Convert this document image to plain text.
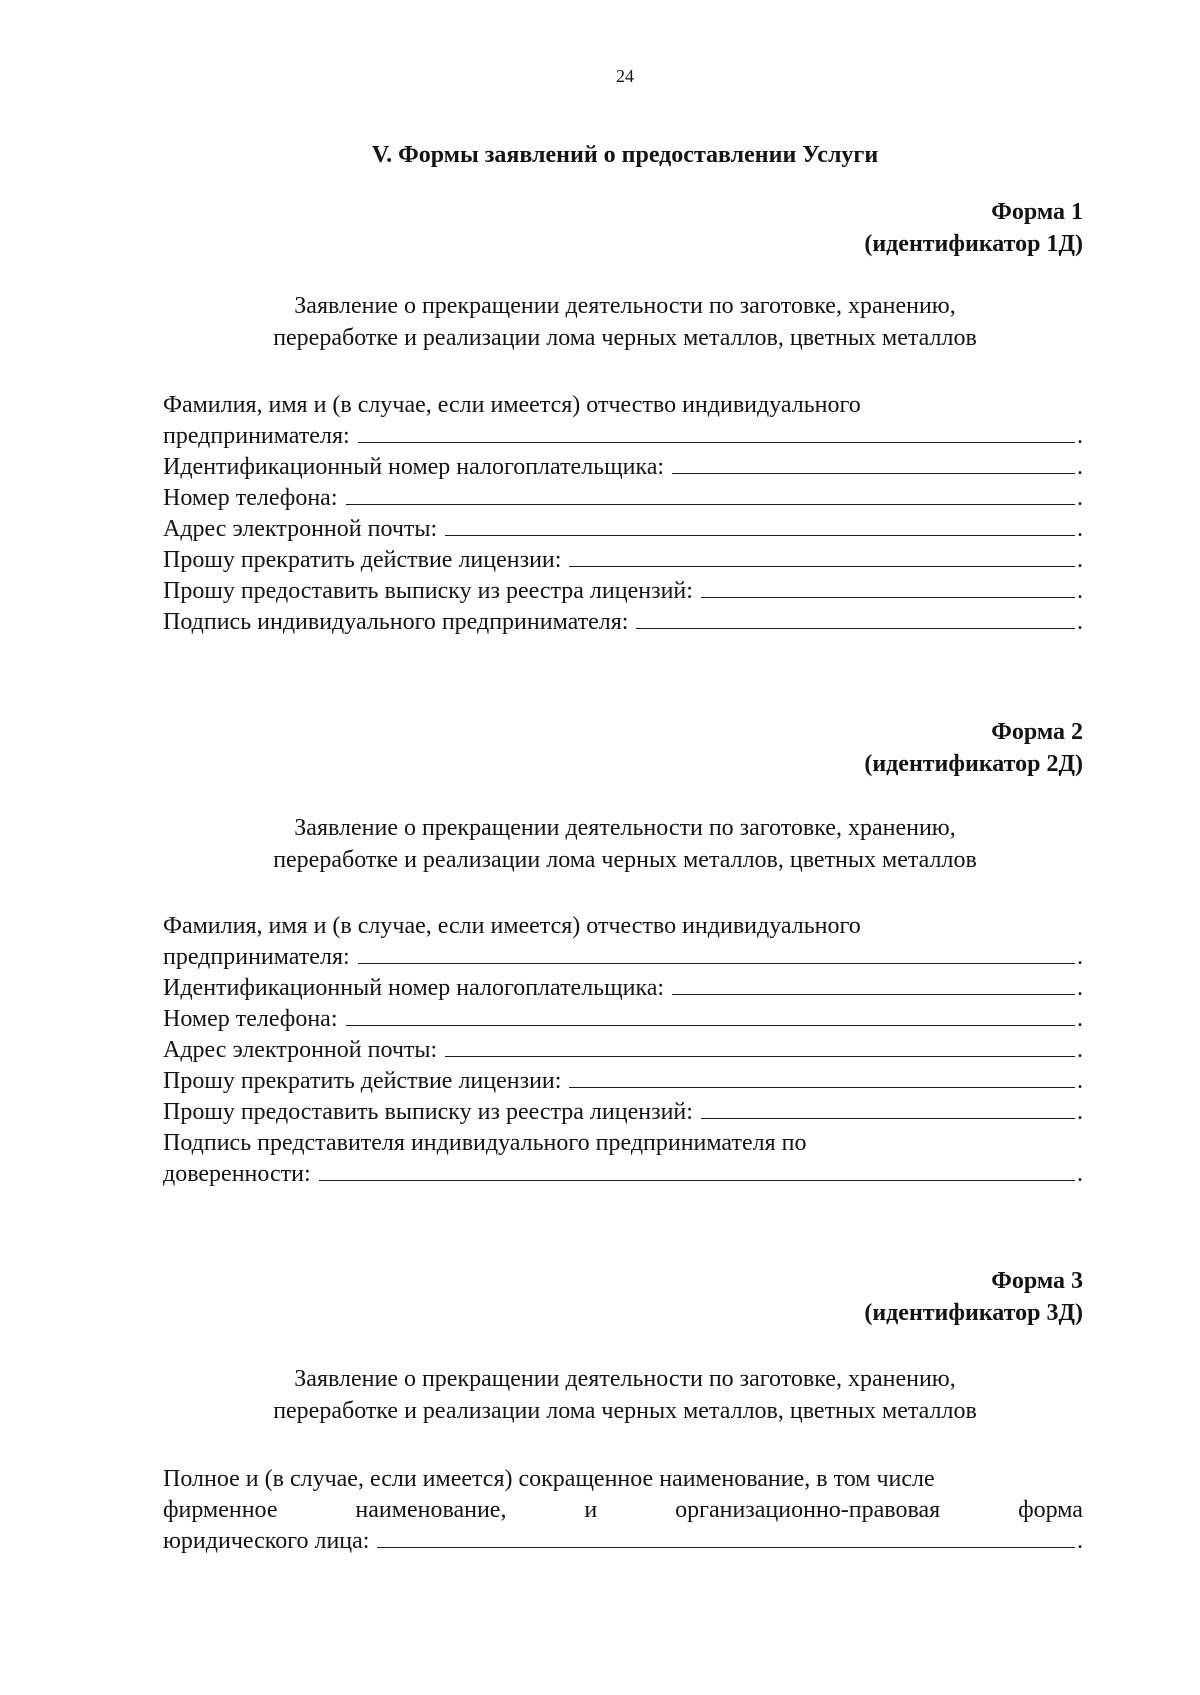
24
V. Формы заявлений о предоставлении Услуги
Форма 1
(идентификатор 1Д)
Заявление о прекращении деятельности по заготовке, хранению,
переработке и реализации лома черных металлов, цветных металлов
Фамилия, имя и (в случае, если имеется) отчество индивидуального
предпринимателя:	.
Идентификационный номер налогоплательщика:	.
Номер телефона:	.
Адрес электронной почты:	.
Прошу прекратить действие лицензии:	.
Прошу предоставить выписку из реестра лицензий:	.
Подпись индивидуального предпринимателя:	.
Форма 2
(идентификатор 2Д)
Заявление о прекращении деятельности по заготовке, хранению,
переработке и реализации лома черных металлов, цветных металлов
Фамилия, имя и (в случае, если имеется) отчество индивидуального
предпринимателя:	.
Идентификационный номер налогоплательщика:	.
Номер телефона:	.
Адрес электронной почты:	.
Прошу прекратить действие лицензии:	.
Прошу предоставить выписку из реестра лицензий:	.
Подпись представителя индивидуального предпринимателя по
доверенности:	.
Форма 3
(идентификатор 3Д)
Заявление о прекращении деятельности по заготовке, хранению,
переработке и реализации лома черных металлов, цветных металлов
Полное и (в случае, если имеется) сокращенное наименование, в том числе
фирменное	наименование,	и	организационно-правовая	форма
юридического лица:	.
